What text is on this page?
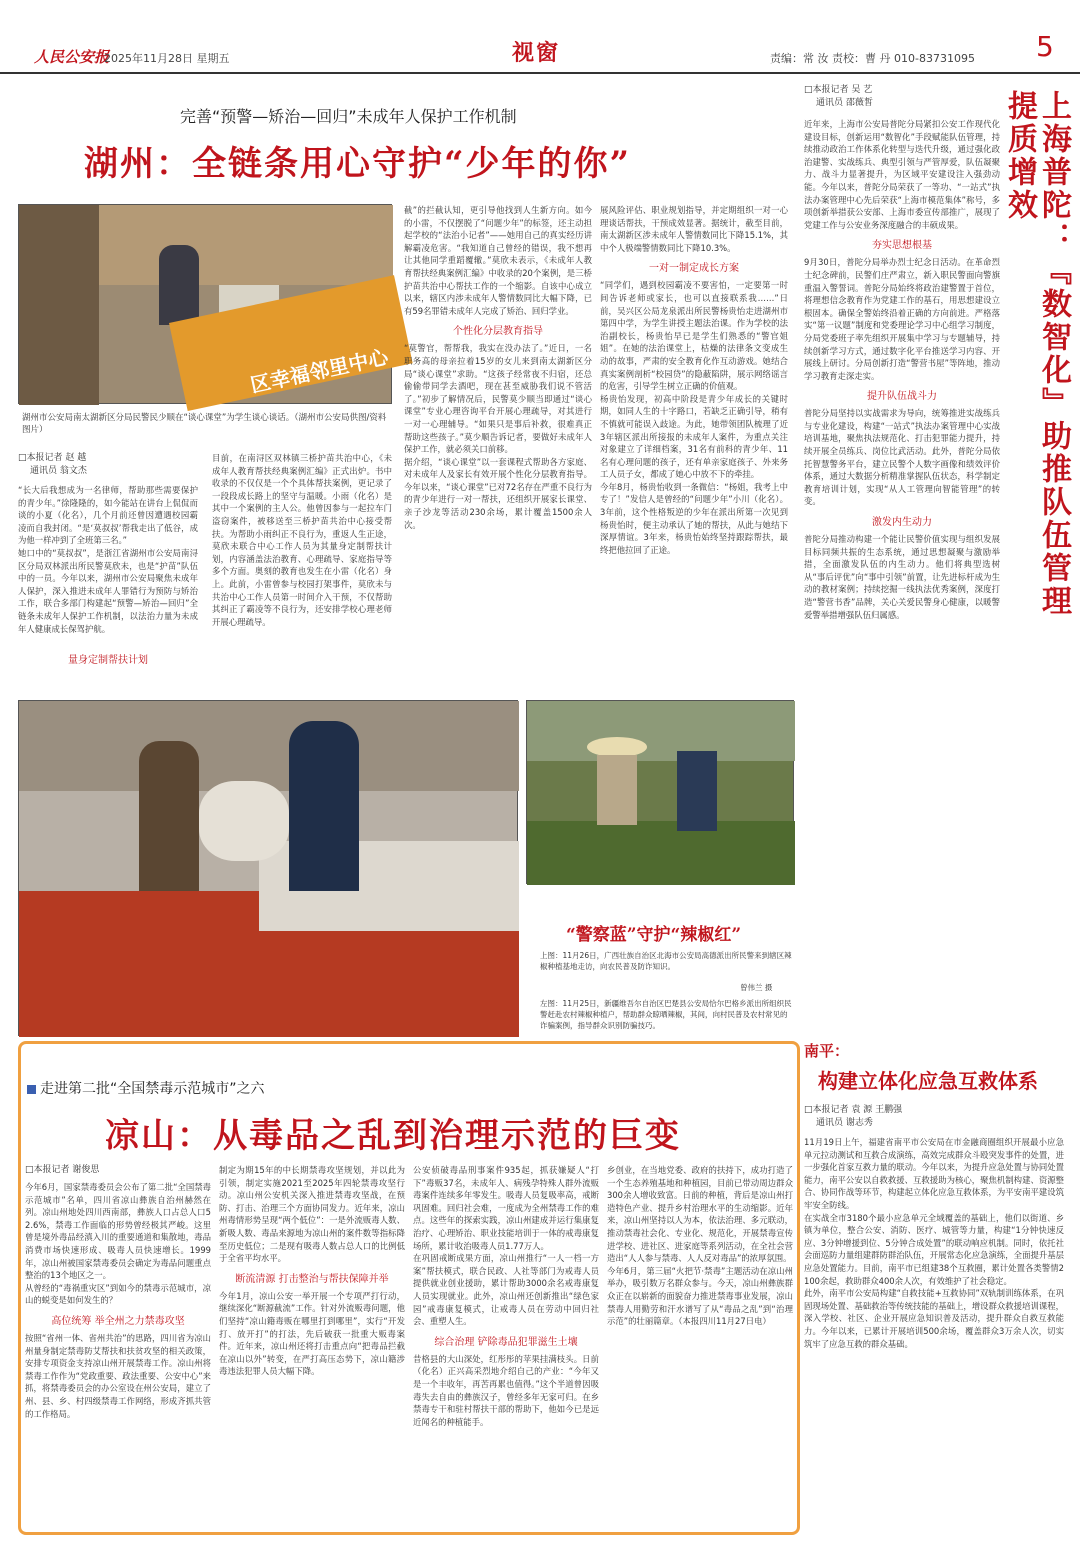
人民公安报
2025年11月28日 星期五	视窗	责编：常 汝 责校：曹 丹 010-83731095 5
完善“预警—矫治—回归”未成年人保护工作机制
湖州：全链条用心守护“少年的你”
区幸福邻里中心
湖州市公安局南太湖新区分局民警民少顺在“谈心课堂”为学生谈心谈话。（湖州市公安局供图/资料图片）
□本报记者 赵 越
通讯员 翁文杰
“长大后我想成为一名律师，帮助那些需要保护的青少年。”徐隆隆的，如今能站在讲台上侃侃而谈的小夏（化名），几个月前还曾因遭遇校园霸凌而自我封闭。“是‘莫叔叔’帮我走出了低谷，成为他一样冲到了全班第三名。”
她口中的“莫叔叔”，是浙江省湖州市公安局南浔区分局双林派出所民警莫欣未，也是“护苗”队伍中的一员。今年以来，湖州市公安局聚焦未成年人保护，深入推进未成年人罪错行为预防与矫治工作，联合多部门构建起“预警—矫治—回归”全链条未成年人保护工作机制，以法治力量为未成年人健康成长保驾护航。
量身定制帮扶计划
目前，在南浔区双林镇三桥护苗共治中心，《未成年人教育帮扶经典案例汇编》正式出炉。书中收录的不仅仅是一个个具体帮扶案例，更记录了一段段成长路上的坚守与温暖。小雨（化名）是其中一个案例的主人公。他曾因参与一起拉车门盗窃案件，被移送至三桥护苗共治中心接受帮扶。为帮助小雨纠正不良行为，重返人生正途，莫欣未联合中心工作人员为其量身定制帮扶计划，内容涵盖法治教育、心理疏导、家庭指导等多个方面。奥刻的教育也发生在小雷（化名）身上。此前，小雷曾参与校园打架事件，莫欣未与共治中心工作人员第一时间介入干预，不仅帮助其纠正了霸凌等不良行为，还安排学校心理老师开展心理疏导。
截”的拦截认知，更引导他找到人生新方向。如今的小雷，不仅摆脱了“问题少年”的标签，还主动担起学校的“法治小记者”——她用自己的真实经历讲解霸凌危害。“我知道自己曾经的错误，我不想再让其他同学重蹈覆辙。”莫欣未表示，《未成年人教育帮扶经典案例汇编》中收录的20个案例，是三桥护苗共治中心帮扶工作的一个缩影。自该中心成立以来，辖区内涉未成年人警情数同比大幅下降，已有59名罪错未成年人完成了矫治、回归学业。
个性化分层教育指导
“莫警官，帮帮我，我实在没办法了。”近日，一名职务高的母亲拉着15岁的女儿来到南太湖新区分局“谈心课堂”求助。“这孩子经常夜不归宿，还总偷偷带同学去酒吧，现在甚至威胁我们说不管活了。”初步了解情况后，民警莫少顺当即通过“谈心课堂”专业心理咨询平台开展心理疏导，对其进行一对一心理辅导。“如果只是事后补救，很难真正帮助这些孩子。”莫少顺告诉记者，要做好未成年人保护工作，就必须关口前移。
据介绍，“谈心课堂”以一套课程式帮助各方家庭、对未成年人及家长有效开展个性化分层教育指导。今年以来，“谈心课堂”已对72名存在严重不良行为的青少年进行一对一帮扶，还组织开展家长课堂、亲子沙龙等活动230余场，累计覆盖1500余人次。
展风险评估、职业规划指导，并定期组织一对一心理谈话帮扶，干预成效显著。据统计，截至目前，南太湖新区涉未成年人警情数同比下降15.1%，其中个人极端警情数同比下降10.3%。
一对一制定成长方案
“同学们，遇到校园霸凌不要害怕，一定要第一时间告诉老师或家长，也可以直接联系我……”日前，吴兴区公局龙泉派出所民警杨贵怡走进湖州市第四中学，为学生讲授主题法治课。作为学校的法治副校长，杨贵怡早已是学生们熟悉的“警官姐姐”。在她的法治课堂上，枯燥的法律条文变成生动的故事，严肃的安全教育化作互动游戏。她结合真实案例剖析“校园贷”的隐蔽陷阱，展示网络谣言的危害，引导学生树立正确的价值观。
杨贵怡发现，初高中阶段是青少年成长的关键时期，如同人生的十字路口，若缺乏正确引导，稍有不慎就可能误入歧途。为此，她带领团队梳理了近3年辖区派出所接报的未成年人案件，为重点关注对象建立了详细档案，31名有前科的青少年、11名有心理问题的孩子，还有单亲家庭孩子、外来务工人员子女，都成了她心中放不下的牵挂。
今年8月，杨贵怡收到一条微信：“杨姐，我考上中专了！”发信人是曾经的“问题少年”小川（化名）。3年前，这个性格叛逆的少年在派出所第一次见到杨贵怡时，便主动承认了她的帮扶，从此与她结下深厚情谊。3年来，杨贵怡始终坚持跟踪帮扶，最终把他拉回了正途。
“警察蓝”守护“辣椒红”
上图：11月26日，广西壮族自治区北海市公安局高德派出所民警来到辖区辣椒种植基地走访，向农民普及防诈知识。
曾伟兰 摄
左图：11月25日，新疆维吾尔自治区巴楚县公安局恰尔巴格乡派出所组织民警赶赴农村辣椒种植户，帮助群众晾晒辣椒，其间，向村民普及农村常见的诈骗案例，指导群众识别防骗技巧。
□本报记者 吴 艺
通讯员 邵薇皙	上海普陀：『数智化』助推队伍管理提质增效
近年来，上海市公安局普陀分局紧扣公安工作现代化建设目标，创新运用“数智化”手段赋能队伍管理，持续推动政治工作体系化转型与迭代升级，通过强化政治建警、实战练兵、典型引领与严管厚爱，队伍凝聚力、战斗力显著提升，为区域平安建设注入强劲动能。今年以来，普陀分局荣获了一等功、“一站式”执法办案管理中心先后荣获“上海市模范集体”称号，多项创新举措获公安部、上海市委宣传部推广，展现了党建工作与公安业务深度融合的丰硕成果。
夯实思想根基
9月30日，普陀分局举办烈士纪念日活动。在革命烈士纪念碑前，民警们庄严肃立，新入职民警面向警旗重温入警誓词。普陀分局始终将政治建警置于首位，将理想信念教育作为党建工作的基石，用思想建设立根固本。确保全警始终沿着正确的方向前进。严格落实“第一议题”制度和党委理论学习中心组学习制度，分局党委班子率先组织开展集中学习与专题辅导，持续创新学习方式，通过数字化平台推送学习内容、开展线上研讨。分局创新打造“警营书屋”等阵地，推动学习教育走深走实。
提升队伍战斗力
普陀分局坚持以实战需求为导向，统筹推进实战练兵与专业化建设，构建“一站式”执法办案管理中心实战培训基地，聚焦执法规范化、打击犯罪能力提升，持续开展全员练兵、岗位比武活动。此外，普陀分局依托智慧警务平台，建立民警个人数字画像和绩效评价体系，通过大数据分析精准掌握队伍状态，科学制定教育培训计划，实现“从人工管理向智能管理”的转变。
激发内生动力
普陀分局推动构建一个能让民警价值实现与组织发展目标同频共振的生态系统，通过思想凝聚与激励举措，全面激发队伍的内生动力。他们将典型选树从“事后评优”向“事中引领”前置，让先进标杆成为生动的教材案例；持续挖掘一线执法优秀案例，深度打造“警营书香”品牌，关心关爱民警身心健康，以暖警爱警举措增强队伍归属感。
南平：
构建立体化应急互救体系
□本报记者 袁 源 王鹏强
通讯员 谢志秀
11月19日上午，福建省南平市公安局在市金融商圈组织开展最小应急单元拉动测试和互救合成演练，高效完成群众斗殴突发事件的处置，进一步强化首家互救力量的联动。今年以来，为提升应急处置与协同处置能力，南平公安以自救救援、互救援助为核心，聚焦机制构建、资源整合、协同作战等环节，构建起立体化应急互救体系，为平安南平建设筑牢安全防线。
在实战全市3180个最小应急单元全域覆盖的基础上，他们以街道、乡镇为单位，整合公安、消防、医疗、城管等力量，构建“1分钟快速反应、3分钟增援到位、5分钟合成处置”的联动响应机制。同时，依托社会面巡防力量组建群防群治队伍，开展常态化应急演练，全面提升基层应急处置能力。目前，南平市已组建38个互救圈，累计处置各类警情2100余起，救助群众400余人次，有效维护了社会稳定。
此外，南平市公安局构建“自救技能+互救协同”双轨制训练体系，在巩固现场处置、基础救治等传统技能的基础上，增设群众救援培训课程，深入学校、社区、企业开展应急知识普及活动，提升群众自救互救能力。今年以来，已累计开展培训500余场，覆盖群众3万余人次，切实筑牢了应急互救的群众基础。
走进第二批“全国禁毒示范城市”之六
凉山：从毒品之乱到治理示范的巨变
□本报记者 谢俊思
今年6月，国家禁毒委员会公布了第二批“全国禁毒示范城市”名单，四川省凉山彝族自治州赫然在列。凉山州地处四川西南部，彝族人口占总人口52.6%，禁毒工作面临的形势曾经极其严峻。这里曾是境外毒品经滇入川的重要通道和集散地，毒品消费市场快速形成、吸毒人员快速增长。1999年，凉山州被国家禁毒委员会确定为毒品问题重点整治的13个地区之一。
从曾经的“毒祸重灾区”到如今的禁毒示范城市，凉山的蜕变是如何发生的？
高位统筹 举全州之力禁毒攻坚
按照“省州一体、省州共治”的思路，四川省为凉山州量身制定禁毒防艾帮扶和扶贫攻坚的相关政策，安排专项资金支持凉山州开展禁毒工作。凉山州将禁毒工作作为“党政重要、政法重要、公安中心”来抓，将禁毒委员会的办公室设在州公安局，建立了州、县、乡、村四级禁毒工作网络，形成齐抓共管的工作格局。
制定为期15年的中长期禁毒攻坚规划，并以此为引领，制定实施2021至2025年四轮禁毒攻坚行动。凉山州公安机关深入推进禁毒攻坚战，在预防、打击、治理三个方面协同发力。近年来，凉山州毒情形势呈现“两个低位”：一是外流贩毒人数、新吸人数、毒品来源地为凉山州的案件数等指标降至历史低位；二是现有吸毒人数占总人口的比例低于全省平均水平。
断流清源 打击整治与帮扶保障并举
今年1月，凉山公安一举开展一个专项严打行动，继续深化“断源截流”工作。针对外流贩毒问题，他们坚持“凉山籍毒贩在哪里打到哪里”，实行“开发打、放开打”的打法，先后破获一批重大贩毒案件。近年来，凉山州还将打击重点向“把毒品拦截在凉山以外”转变，在严打高压态势下，凉山籍涉毒违法犯罪人员大幅下降。
公安侦破毒品刑事案件935起，抓获嫌疑人“打下”毒贩37名，未成年人、病残孕特殊人群外流贩毒案件连续多年零发生。吸毒人员复吸率高，戒断巩固难。回归社会难，一度成为全州禁毒工作的难点。这些年的探索实践，凉山州建成并运行集康复治疗、心理矫治、职业技能培训于一体的戒毒康复场所，累计收治吸毒人员1.77万人。
在巩固戒断成果方面，凉山州推行“一人一档一方案”帮扶模式，联合民政、人社等部门为戒毒人员提供就业创业援助，累计帮助3000余名戒毒康复人员实现就业。此外，凉山州还创新推出“绿色家园”戒毒康复模式，让戒毒人员在劳动中回归社会、重塑人生。
综合治理 铲除毒品犯罪滋生土壤
昔格县的大山深处，红彤彤的苹果挂满枝头。日前（化名）正兴高采烈地介绍自己的产业：“今年又是一个丰收年，再苦再累也值得。”这个半道曾因吸毒失去自由的彝族汉子，曾经多年无家可归。在乡禁毒专干和驻村帮扶干部的帮助下，他如今已是远近闻名的种植能手。
乡创业，在当地党委、政府的扶持下，成功打造了一个生态养殖基地和种植园，目前已带动周边群众300余人增收致富。日前的种植，背后是凉山州打造特色产业、提升乡村治理水平的生动缩影。近年来，凉山州坚持以人为本，依法治理、多元联动，推动禁毒社会化、专业化、规范化，开展禁毒宣传进学校、进社区、进家庭等系列活动，在全社会营造出“人人参与禁毒、人人反对毒品”的浓厚氛围。
今年6月，第三届“火把节·禁毒”主题活动在凉山州举办，吸引数万名群众参与。今天，凉山州彝族群众正在以崭新的面貌奋力推进禁毒事业发展，凉山禁毒人用勤劳和汗水谱写了从“毒品之乱”到“治理示范”的壮丽篇章。（本报四川11月27日电）
